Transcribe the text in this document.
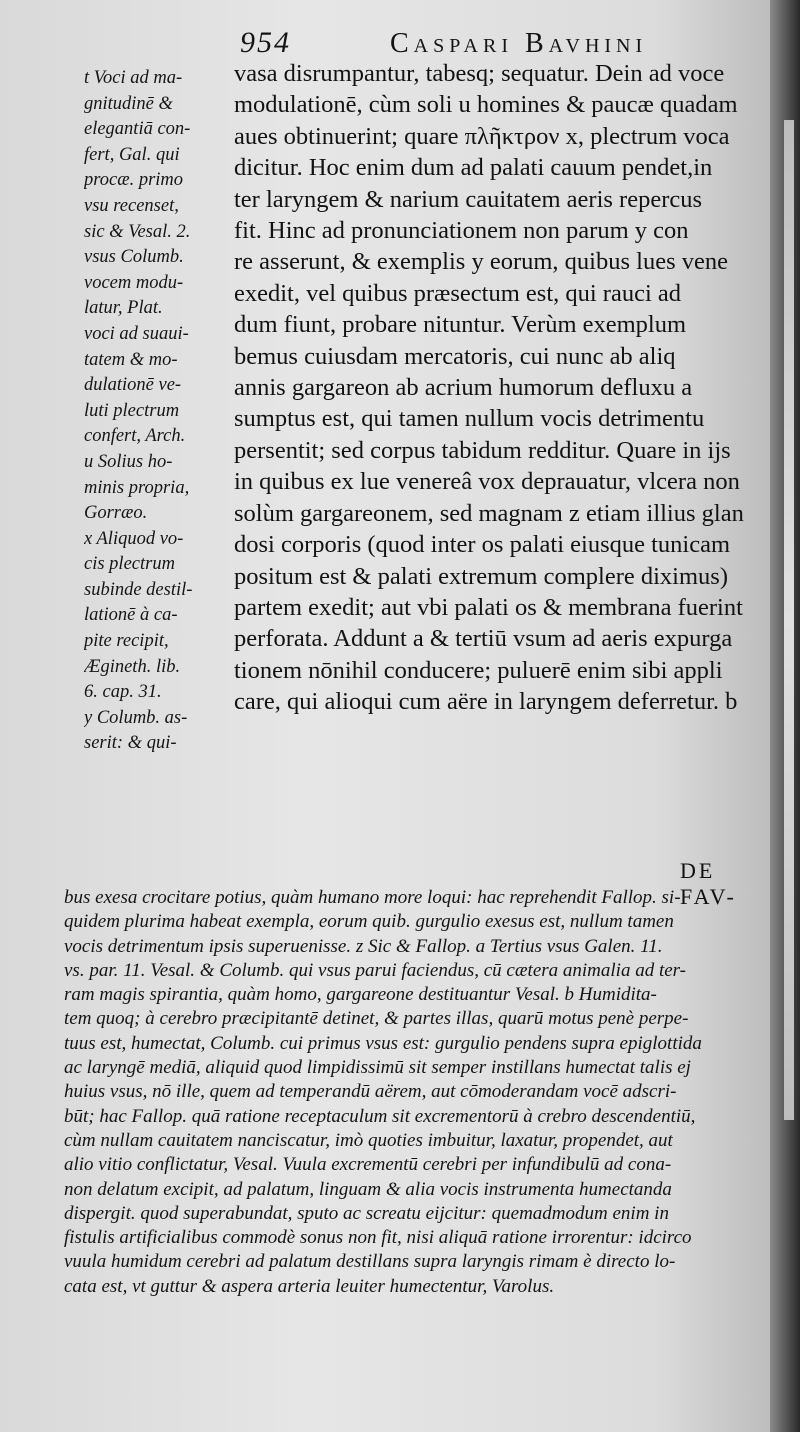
954	Caspari Bavhini
t Voci ad ma-
gnitudinē &
elegantiā con-
fert, Gal. qui
procæ. primo
vsu recenset,
sic & Vesal. 2.
vsus Columb.
vocem modu-
latur, Plat.
voci ad suaui-
tatem & mo-
dulationē ve-
luti plectrum
confert, Arch.
u Solius ho-
minis propria,
Gorræo.
x Aliquod vo-
cis plectrum
subinde destil-
lationē à ca-
pite recipit,
Ægineth. lib.
6. cap. 31.
y Columb. as-
serit: & qui-
vasa disrumpantur, tabesq; sequatur. Dein ad voce
modulationē, cùm soli u homines & paucæ quadam
aues obtinuerint; quare πλῆκτρον x, plectrum voca
dicitur. Hoc enim dum ad palati cauum pendet,in
ter laryngem & narium cauitatem aeris repercus
fit. Hinc ad pronunciationem non parum y con
re asserunt, & exemplis y eorum, quibus lues vene
exedit, vel quibus præsectum est, qui rauci ad
dum fiunt, probare nituntur. Verùm exemplum
bemus cuiusdam mercatoris, cui nunc ab aliq
annis gargareon ab acrium humorum defluxu a
sumptus est, qui tamen nullum vocis detrimentu
persentit; sed corpus tabidum redditur. Quare in ijs
in quibus ex lue venereâ vox deprauatur, vlcera non
solùm gargareonem, sed magnam z etiam illius glan
dosi corporis (quod inter os palati eiusque tunicam
positum est & palati extremum complere diximus)
partem exedit; aut vbi palati os & membrana fuerint
perforata. Addunt a & tertiū vsum ad aeris expurga
tionem nōnihil conducere; puluerē enim sibi appli
care, qui alioqui cum aëre in laryngem deferretur. b
DE FAV-
bus exesa crocitare potius, quàm humano more loqui: hac reprehendit Fallop. si-
quidem plurima habeat exempla, eorum quib. gurgulio exesus est, nullum tamen
vocis detrimentum ipsis superuenisse. z Sic & Fallop. a Tertius vsus Galen. 11.
vs. par. 11. Vesal. & Columb. qui vsus parui faciendus, cū cætera animalia ad ter-
ram magis spirantia, quàm homo, gargareone destituantur Vesal. b Humidita-
tem quoq; à cerebro præcipitantē detinet, & partes illas, quarū motus penè perpe-
tuus est, humectat, Columb. cui primus vsus est: gurgulio pendens supra epiglottida
ac laryngē mediā, aliquid quod limpidissimū sit semper instillans humectat talis ej
huius vsus, nō ille, quem ad temperandū aërem, aut cōmoderandam vocē adscri-
būt; hac Fallop. quā ratione receptaculum sit excrementorū à crebro descendentiū,
cùm nullam cauitatem nanciscatur, imò quoties imbuitur, laxatur, propendet, aut
alio vitio conflictatur, Vesal. Vuula excrementū cerebri per infundibulū ad cona-
non delatum excipit, ad palatum, linguam & alia vocis instrumenta humectanda
dispergit. quod superabundat, sputo ac screatu eijcitur: quemadmodum enim in
fistulis artificialibus commodè sonus non fit, nisi aliquā ratione irrorentur: idcirco
vuula humidum cerebri ad palatum destillans supra laryngis rimam è directo lo-
cata est, vt guttur & aspera arteria leuiter humectentur, Varolus.
